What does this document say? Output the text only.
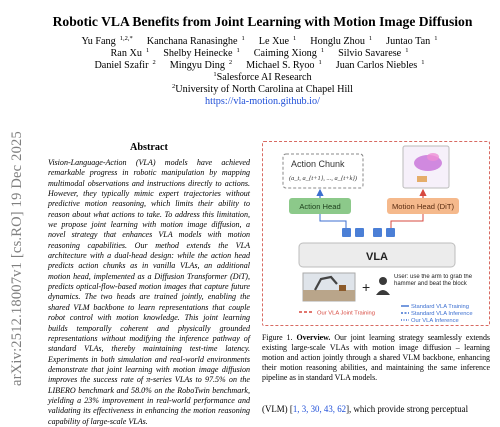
arXiv:2512.18007v1 [cs.RO] 19 Dec 2025
Robotic VLA Benefits from Joint Learning with Motion Image Diffusion
Yu Fang $^{1,2,*}$ Kanchana Ranasinghe $^1$ Le Xue $^1$ Honglu Zhou $^1$ Juntao Tan $^1$
Ran Xu $^1$ Shelby Heinecke $^1$ Caiming Xiong $^1$ Silvio Savarese $^1$
Daniel Szafir $^2$ Mingyu Ding $^2$ Michael S. Ryoo $^1$ Juan Carlos Niebles $^1$
$^1$Salesforce AI Research
$^2$University of North Carolina at Chapel Hill
https://vla-motion.github.io/
Abstract
Vision-Language-Action (VLA) models have achieved remarkable progress in robotic manipulation by mapping multimodal observations and instructions directly to actions. However, they typically mimic expert trajectories without predictive motion reasoning, which limits their ability to reason about what actions to take. To address this limitation, we propose joint learning with motion image diffusion, a novel strategy that enhances VLA models with motion reasoning capabilities. Our method extends the VLA architecture with a dual-head design: while the action head predicts action chunks as in vanilla VLAs, an additional motion head, implemented as a Diffusion Transformer (DiT), predicts optical-flow-based motion images that capture future dynamics. The two heads are trained jointly, enabling the shared VLM backbone to learn representations that couple robot control with motion knowledge. This joint learning builds temporally coherent and physically grounded representations without modifying the inference pathway of standard VLAs, thereby maintaining test-time latency. Experiments in both simulation and real-world environments demonstrate that joint learning with motion image diffusion improves the success rate of π-series VLAs to 97.5% on the LIBERO benchmark and 58.0% on the RoboTwin benchmark, yielding a 23% improvement in real-world performance and validating its effectiveness in enhancing the motion reasoning capability of large-scale VLAs.
Action Chunk
(a_t, a_{t+1}, ..., a_{t+k})
Action Head	Motion Head (DiT)
VLA
+
User: use the arm to grab the hammer and beat the block
Our VLA Joint Training
Standard VLA Training
Standard VLA Inference
Our VLA Inference
Figure 1. Overview. Our joint learning strategy seamlessly extends existing large-scale VLAs with motion image diffusion – learning motion and action jointly through a shared VLM backbone, enhancing their motion reasoning abilities, and maintaining the same inference pipeline as in standard VLA models.
(VLM) [1, 3, 30, 43, 62], which provide strong perceptual
